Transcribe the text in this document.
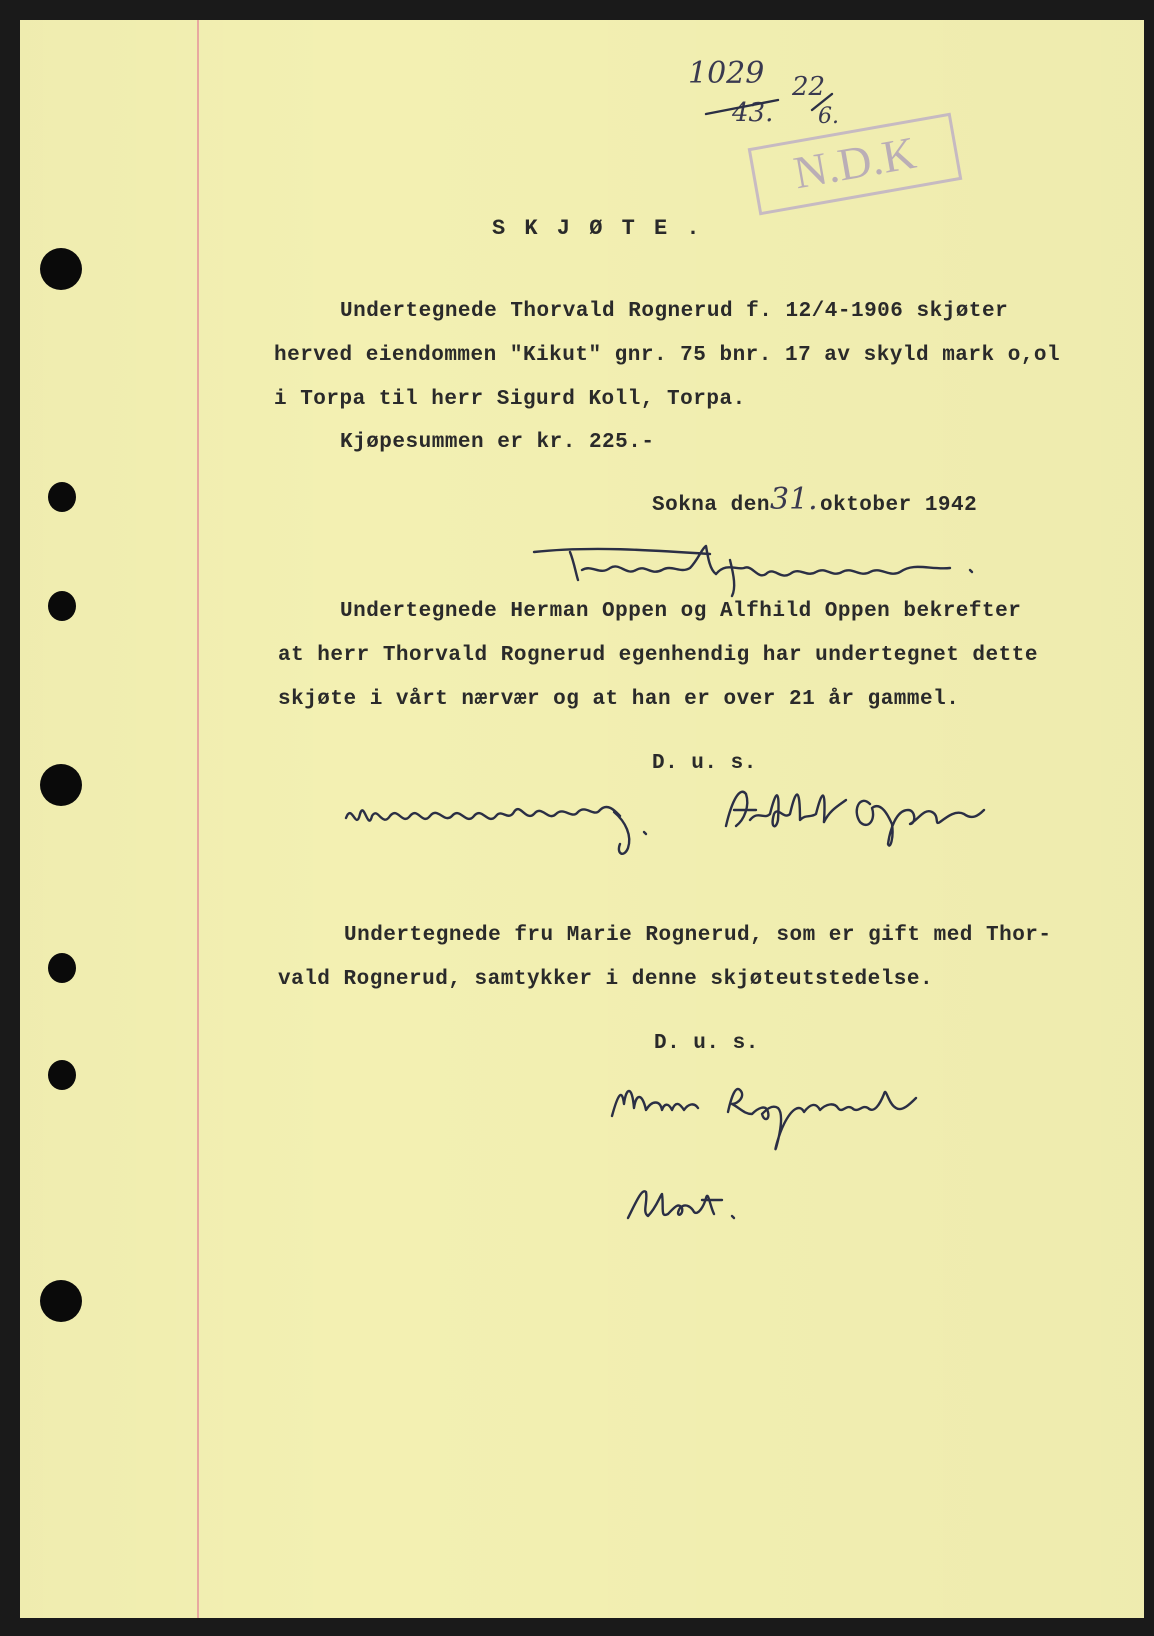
1029
43.
22
6.
N.D.K
S K J Ø T E .
Undertegnede Thorvald Rognerud f. 12/4-1906 skjøter
herved eiendommen "Kikut" gnr. 75 bnr. 17 av skyld mark o,ol
i Torpa til herr Sigurd Koll, Torpa.
Kjøpesummen er kr. 225.-
Sokna den 31. oktober 1942
Undertegnede Herman Oppen og Alfhild Oppen bekrefter
at herr Thorvald Rognerud egenhendig har undertegnet dette
skjøte i vårt nærvær og at han er over 21 år gammel.
D. u. s.
Undertegnede fru Marie Rognerud, som er gift med Thor-
vald Rognerud, samtykker i denne skjøteutstedelse.
D. u. s.
